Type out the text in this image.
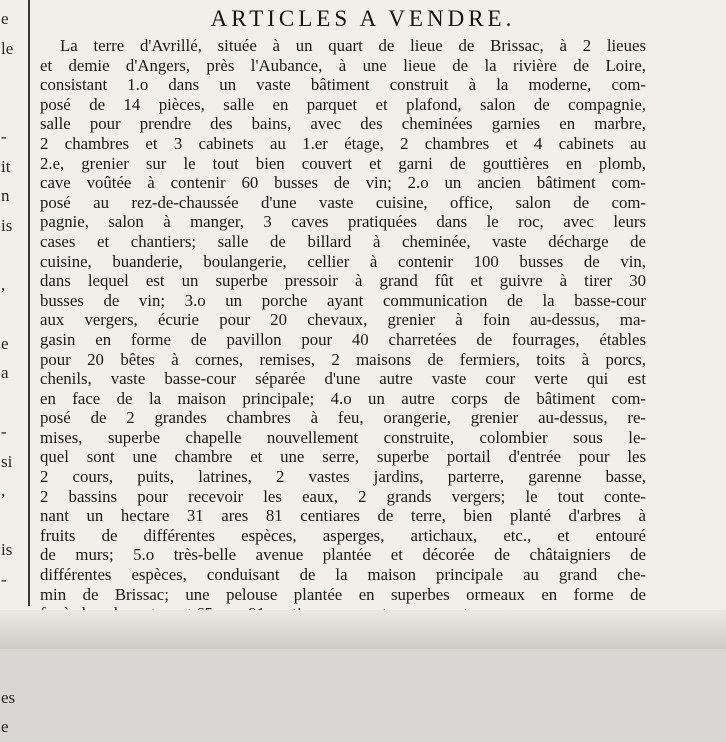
e
le
-
it
n
is
,
e
a
-
si
,
is
-
es
e
ARTICLES A VENDRE.
La terre d'Avrillé, située à un quart de lieue de Brissac, à 2 lieues
et demie d'Angers, près l'Aubance, à une lieue de la rivière de Loire,
consistant 1.o dans un vaste bâtiment construit à la moderne, com-
posé de 14 pièces, salle en parquet et plafond, salon de compagnie,
salle pour prendre des bains, avec des cheminées garnies en marbre,
2 chambres et 3 cabinets au 1.er étage, 2 chambres et 4 cabinets au
2.e, grenier sur le tout bien couvert et garni de gouttières en plomb,
cave voûtée à contenir 60 busses de vin; 2.o un ancien bâtiment com-
posé au rez-de-chaussée d'une vaste cuisine, office, salon de com-
pagnie, salon à manger, 3 caves pratiquées dans le roc, avec leurs
cases et chantiers; salle de billard à cheminée, vaste décharge de
cuisine, buanderie, boulangerie, cellier à contenir 100 busses de vin,
dans lequel est un superbe pressoir à grand fût et guivre à tirer 30
busses de vin; 3.o un porche ayant communication de la basse-cour
aux vergers, écurie pour 20 chevaux, grenier à foin au-dessus, ma-
gasin en forme de pavillon pour 40 charretées de fourrages, étables
pour 20 bêtes à cornes, remises, 2 maisons de fermiers, toits à porcs,
chenils, vaste basse-cour séparée d'une autre vaste cour verte qui est
en face de la maison principale; 4.o un autre corps de bâtiment com-
posé de 2 grandes chambres à feu, orangerie, grenier au-dessus, re-
mises, superbe chapelle nouvellement construite, colombier sous le-
quel sont une chambre et une serre, superbe portail d'entrée pour les
2 cours, puits, latrines, 2 vastes jardins, parterre, garenne basse,
2 bassins pour recevoir les eaux, 2 grands vergers; le tout conte-
nant un hectare 31 ares 81 centiares de terre, bien planté d'arbres à
fruits de différentes espèces, asperges, artichaux, etc., et entouré
de murs; 5.o très-belle avenue plantée et décorée de châtaigniers de
différentes espèces, conduisant de la maison principale au grand che-
min de Brissac; une pelouse plantée en superbes ormeaux en forme de
